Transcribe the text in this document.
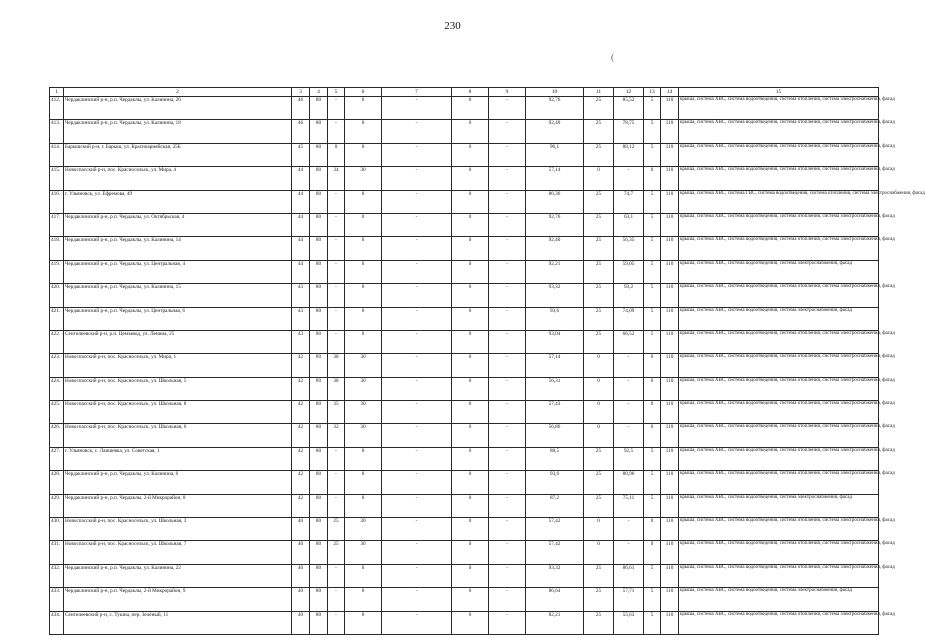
230
(
1	2	3	4	5	6	7	8	9	10	11	12	13	14	15
412.	Чердаклинский р-н, р.п. Чердаклы, ул. Калинина, 26	46	80	-	0	-	0	-	92,76	25	85,52	5	110	крыша, система ХВС, система водоотведения, система отопления, система электроснабжения, фасад
413.	Чердаклинский р-н, р.п. Чердаклы, ул. Калинина, 18	46	80	-	0	-	0	-	92,40	25	78,75	5	110	крыша, система ХВС, система водоотведения, система отопления, система электроснабжения, фасад
414.	Барышский р-н, г. Барыш, ул. Красноармейская, 25Б	45	80	0	0	-	0	-	96,1	25	88,12	5	110	крыша, система ХВС, система водоотведения, система отопления, система электроснабжения, фасад
415.	Новоспасский р-н, пос. Красносельск, ул. Мира, 4	44	80	34	30	-	0	-	57,14	0	-	0	110	крыша, система ХВС, система водоотведения, система отопления, система электроснабжения, фасад
416.	г. Ульяновск, ул. Ефремова, 49	44	80	-	0	-	0	-	86,36	25	74,7	5	110	крыша, система ХВС, система ГВС, система водоотведения, система отопления, система электроснабжения, фасад
417.	Чердаклинский р-н, р.п. Чердаклы, ул. Октябрьская, 4	44	80	-	0	-	0	-	92,76	25	63,1	5	110	крыша, система ХВС, система водоотведения, система отопления, система электроснабжения, фасад
418.	Чердаклинский р-н, р.п. Чердаклы, ул. Калинина, 14	44	80	-	0	-	0	-	92,40	25	56,35	5	110	крыша, система ХВС, система водоотведения, система отопления, система электроснабжения, фасад
419.	Чердаклинский р-н, р.п. Чердаклы, ул. Центральная, 4	44	80	-	0	-	0	-	92,21	25	59,05	5	110	крыша, система ХВС, система водоотведения, система электроснабжения, фасад
420.	Чердаклинский р-н, р.п. Чердаклы, ул. Калинина, 15	43	80	-	0	-	0	-	93,32	25	93,2	5	110	крыша, система ХВС, система водоотведения, система отопления, система электроснабжения, фасад
421.	Чердаклинский р-н, р.п. Чердаклы, ул. Центральная, 6	43	80	-	0	-	0	-	93,6	25	74,09	5	110	крыша, система ХВС, система водоотведения, система электроснабжения, фасад
422.	Сенгилеевский р-н, р.п. Цемзавод, ул. Ленина, 25	43	80	-	0	-	0	-	93,04	25	66,52	5	110	крыша, система ХВС, система водоотведения, система отопления, система электроснабжения, фасад
423.	Новоспасский р-н, пос. Красносельск, ул. Мира, 1	42	80	38	30	-	0	-	57,14	0	-	0	110	крыша, система ХВС, система водоотведения, система отопления, система электроснабжения, фасад
424.	Новоспасский р-н, пос. Красносельск, ул. Школьная, 5	42	80	38	30	-	0	-	56,31	0	-	0	110	крыша, система ХВС, система водоотведения, система отопления, система электроснабжения, фасад
425.	Новоспасский р-н, пос. Красносельск, ул. Школьная, 8	42	80	35	30	-	0	-	57,43	0	-	0	110	крыша, система ХВС, система водоотведения, система отопления, система электроснабжения, фасад
426.	Новоспасский р-н, пос. Красносельск, ул. Школьная, 6	42	80	32	30	-	0	-	56,86	0	-	0	110	крыша, система ХВС, система водоотведения, система отопления, система электроснабжения, фасад
427.	г. Ульяновск, с. Лаишевка, ул. Советская, 1	42	80	-	0	-	0	-	88,5	25	92,5	5	110	крыша, система ХВС, система водоотведения, система отопления, система электроснабжения, фасад
428.	Чердаклинский р-н, р.п. Чердаклы, ул. Калинина, 6	42	80	-	0	-	0	-	93,6	25	80,96	5	110	крыша, система ХВС, система водоотведения, система отопления, система электроснабжения, фасад
429.	Чердаклинский р-н, р.п. Чердаклы, 2-й Микрорайон, 8	42	80	-	0	-	0	-	87,2	25	75,11	5	110	крыша, система ХВС, система водоотведения, система электроснабжения, фасад
430.	Новоспасский р-н, пос. Красносельск, ул. Школьная, 3	40	80	25	30	-	0	-	57,42	0	-	0	110	крыша, система ХВС, система водоотведения, система отопления, система электроснабжения, фасад
431.	Новоспасский р-н, пос. Красносельск, ул. Школьная, 7	40	80	25	30	-	0	-	57,42	0	-	0	110	крыша, система ХВС, система водоотведения, система отопления, система электроснабжения, фасад
432.	Чердаклинский р-н, р.п. Чердаклы, ул. Калинина, 22	40	80	-	0	-	0	-	93,32	25	86,61	5	110	крыша, система ХВС, система водоотведения, система отопления, система электроснабжения, фасад
433.	Чердаклинский р-н, р.п. Чердаклы, 2-й Микрорайон, 9	40	80	-	0	-	0	-	86,64	25	57,71	5	110	крыша, система ХВС, система водоотведения, система электроснабжения, фасад
434.	Сенгилеевский р-н, с. Тушна, пер. Зелёный, 11	40	80	-	0	-	0	-	82,21	25	55,63	5	110	крыша, система ХВС, система водоотведения, система отопления, система электроснабжения, фасад
